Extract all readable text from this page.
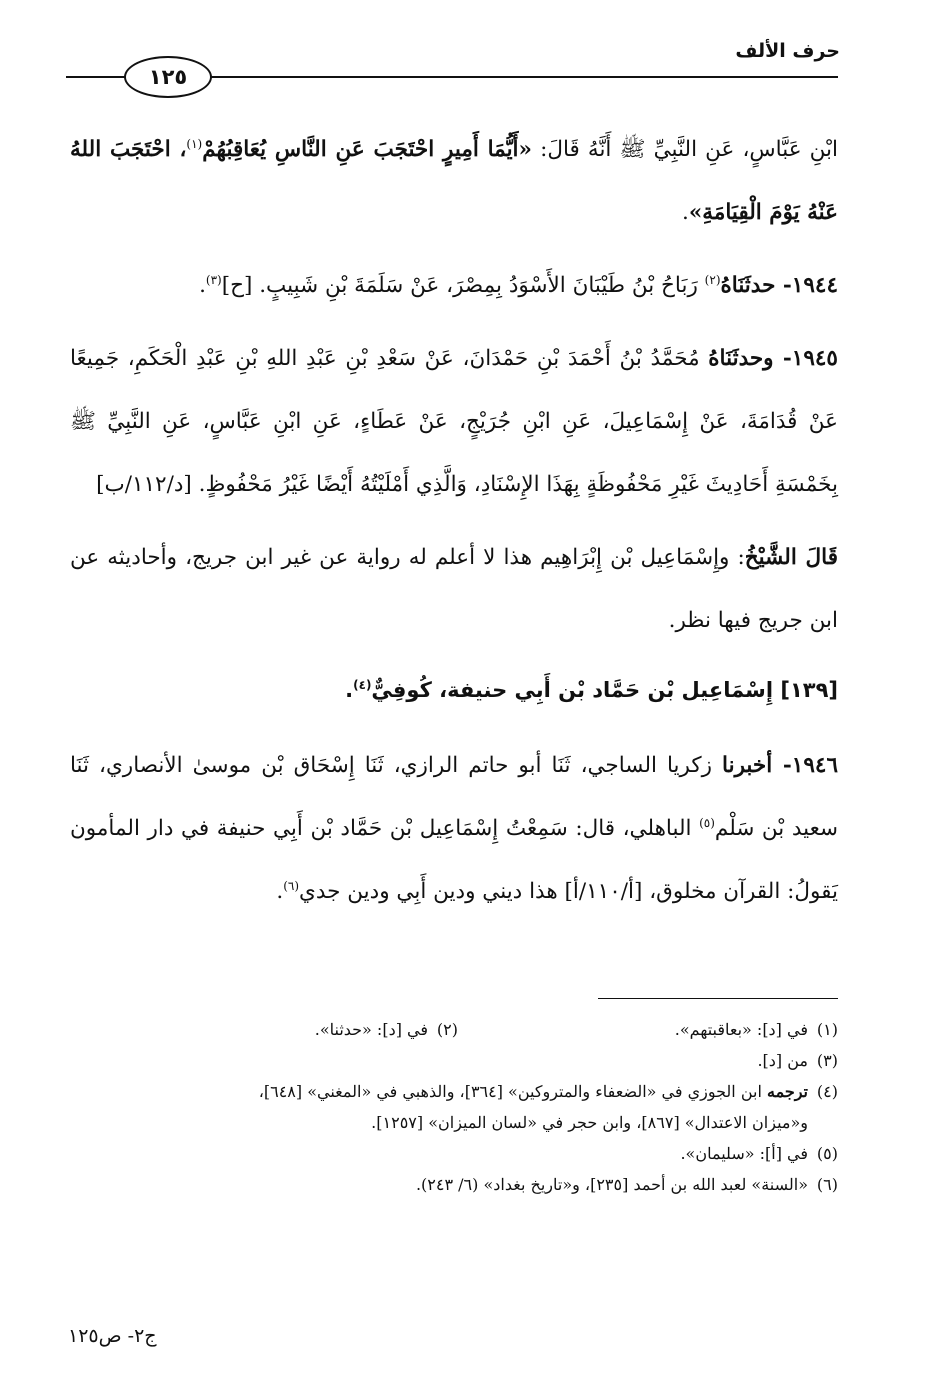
حرف الألف
١٢٥

ابْنِ عَبَّاسٍ، عَنِ النَّبِيِّ ﷺ أَنَّهُ قَالَ: «أَيُّمَا أَمِيرٍ احْتَجَبَ عَنِ النَّاسِ يُعَاقِبُهُمْ$^{(١)}$، احْتَجَبَ اللهُ عَنْهُ يَوْمَ الْقِيَامَةِ».

١٩٤٤- حدثَنَاهُ$^{(٢)}$ رَبَاحُ بْنُ طَيْبَانَ الأَسْوَدُ بِمِصْرَ، عَنْ سَلَمَةَ بْنِ شَبِيبٍ. [ح]$^{(٣)}$.

١٩٤٥- وحدثَنَاهُ مُحَمَّدُ بْنُ أَحْمَدَ بْنِ حَمْدَانَ، عَنْ سَعْدِ بْنِ عَبْدِ اللهِ بْنِ عَبْدِ الْحَكَمِ، جَمِيعًا عَنْ قُدَامَةَ، عَنْ إِسْمَاعِيلَ، عَنِ ابْنِ جُرَيْجٍ، عَنْ عَطَاءٍ، عَنِ ابْنِ عَبَّاسٍ، عَنِ النَّبِيِّ ﷺ بِخَمْسَةِ أَحَادِيثَ غَيْرِ مَحْفُوظَةٍ بِهَذَا الإِسْنَادِ، وَالَّذِي أَمْلَيْتُهُ أَيْضًا غَيْرُ مَحْفُوظٍ. [د/١١٢/ب]

قَالَ الشَّيْخُ: وإِسْمَاعِيل بْن إِبْرَاهِيم هذا لا أعلم له رواية عن غير ابن جريج، وأحاديثه عن ابن جريج فيها نظر.

[١٣٩] إِسْمَاعِيل بْن حَمَّاد بْن أَبِي حنيفة، كُوفِيٌّ$^{(٤)}$.

١٩٤٦- أخبرنا زكريا الساجي، ثَنَا أبو حاتم الرازي، ثَنَا إِسْحَاق بْن موسىٰ الأنصاري، ثَنَا سعيد بْن سَلْم$^{(٥)}$ الباهلي، قال: سَمِعْتُ إِسْمَاعِيل بْن حَمَّاد بْن أَبِي حنيفة في دار المأمون يَقولُ: القرآن مخلوق، [أ/١١٠/أ] هذا ديني ودين أَبِي ودين جدي$^{(٦)}$.

(١)
في [د]: «بعاقبتهم».
(٢)
في [د]: «حدثنا».
(٣)
من [د].
(٤)
ترجمه ابن الجوزي في «الضعفاء والمتروكين» [٣٦٤]، والذهبي في «المغني» [٦٤٨]،
و«ميزان الاعتدال» [٨٦٧]، وابن حجر في «لسان الميزان» [١٢٥٧].
(٥)
في [أ]: «سليمان».
(٦)
«السنة» لعبد الله بن أحمد [٢٣٥]، و«تاريخ بغداد» (٦/ ٢٤٣).
ج٢- ص١٢٥
